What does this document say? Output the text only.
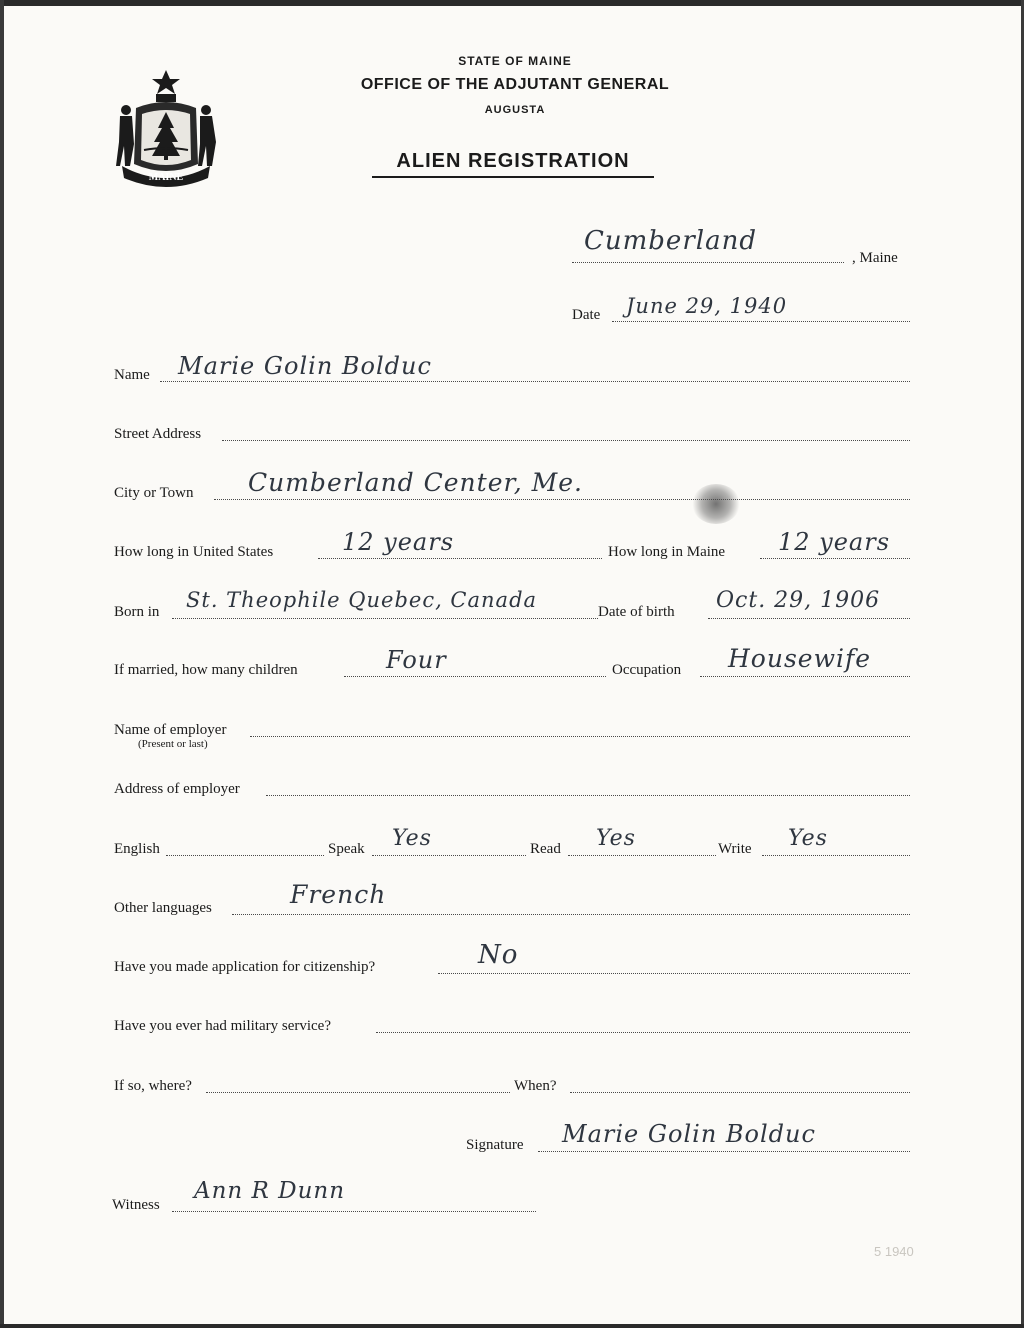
MAINE
STATE OF MAINE
OFFICE OF THE ADJUTANT GENERAL
AUGUSTA
ALIEN REGISTRATION
Cumberland
, Maine
Date June 29, 1940
Name Marie Golin Bolduc
Street Address
City or Town Cumberland Center, Me.
How long in United States	12 years	How long in Maine 12 years
Born in St. Theophile Quebec, Canada	Date of birth Oct. 29, 1906
If married, how many children	Four	Occupation Housewife
Name of employer
(Present or last)
Address of employer
English	Speak Yes	Read Yes	Write Yes
Other languages	French
Have you made application for citizenship?	No
Have you ever had military service?
If so, where?	When?
Signature Marie Golin Bolduc
Witness
Ann R Dunn
5 1940
